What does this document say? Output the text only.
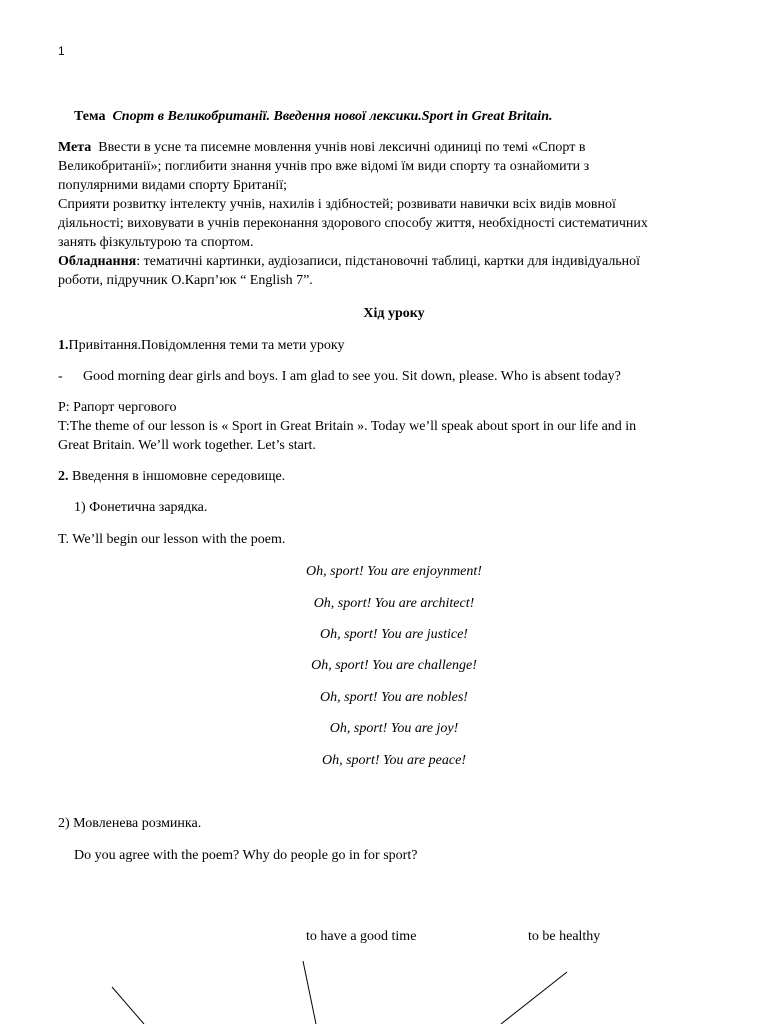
1
Тема Спорт в Великобританії. Введення нової лексики.Sport in Great Britain.

Мета Ввести в усне та писемне мовлення учнів нові лексичні одиниці по темі «Спорт в

Великобританії»; поглибити знання учнів про вже відомі їм види спорту та ознайомити з

популярними видами спорту Британії;

Сприяти розвитку інтелекту учнів, нахилів і здібностей; розвивати навички всіх видів мовної

діяльності; виховувати в учнів переконання здорового способу життя, необхідності систематичних

занять фізкультурою та спортом.

Обладнання: тематичні картинки, аудіозаписи, підстановочні таблиці, картки для індивідуальної

роботи, підручник О.Карп’юк “ English 7”.

Хід уроку
1.Привітання.Повідомлення теми та мети уроку
- Good morning dear girls and boys. I am glad to see you. Sit down, please. Who is absent today?

P: Рапорт чергового

T:The theme of our lesson is « Sport in Great Britain ». Today we’ll speak about sport in our life and in

Great Britain. We’ll work together. Let’s start.

2. Введення в іншомовне середовище.
1) Фонетична зарядка.
T. We’ll begin our lesson with the poem.
Oh, sport! You are enjoynment!
Oh, sport! You are architect!
Oh, sport! You are justice!
Oh, sport! You are challenge!
Oh, sport! You are nobles!
Oh, sport! You are joy!
Oh, sport! You are peace!
2) Мовленева розминка.
Do you agree with the poem? Why do people go in for sport?
to have a good time	to be healthy
